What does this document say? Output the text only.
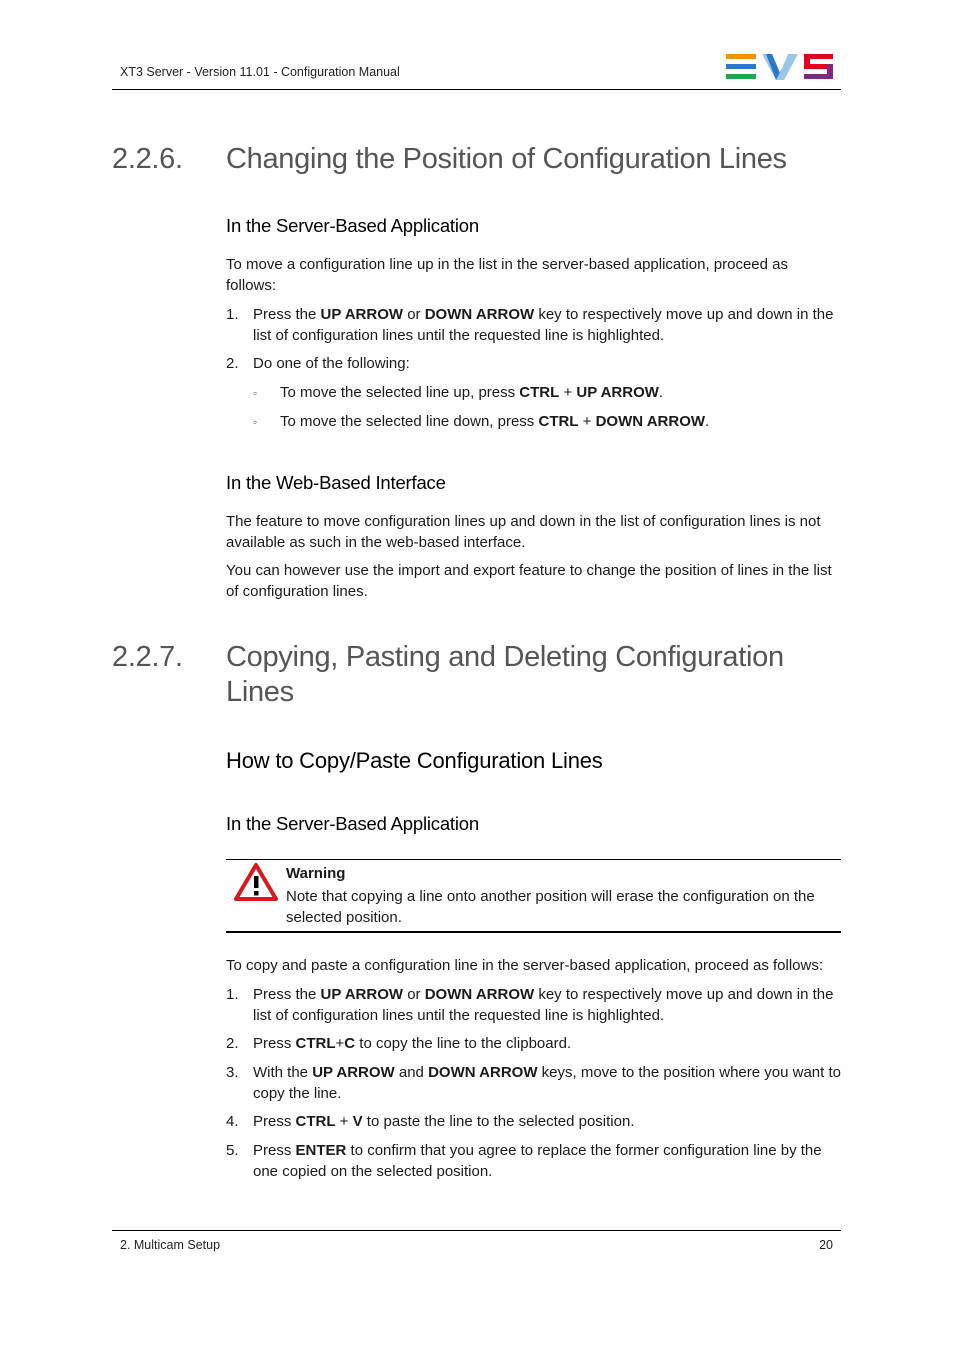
XT3 Server - Version 11.01 - Configuration Manual
2.2.6. Changing the Position of Configuration Lines
In the Server-Based Application
To move a configuration line up in the list in the server-based application, proceed as follows:
1. Press the UP ARROW or DOWN ARROW key to respectively move up and down in the list of configuration lines until the requested line is highlighted.
2. Do one of the following:
◦ To move the selected line up, press CTRL + UP ARROW.
◦ To move the selected line down, press CTRL + DOWN ARROW.
In the Web-Based Interface
The feature to move configuration lines up and down in the list of configuration lines is not available as such in the web-based interface.
You can however use the import and export feature to change the position of lines in the list of configuration lines.
2.2.7. Copying, Pasting and Deleting Configuration Lines
How to Copy/Paste Configuration Lines
In the Server-Based Application
Warning
Note that copying a line onto another position will erase the configuration on the selected position.
To copy and paste a configuration line in the server-based application, proceed as follows:
1. Press the UP ARROW or DOWN ARROW key to respectively move up and down in the list of configuration lines until the requested line is highlighted.
2. Press CTRL+C to copy the line to the clipboard.
3. With the UP ARROW and DOWN ARROW keys, move to the position where you want to copy the line.
4. Press CTRL + V to paste the line to the selected position.
5. Press ENTER to confirm that you agree to replace the former configuration line by the one copied on the selected position.
2. Multicam Setup	20
